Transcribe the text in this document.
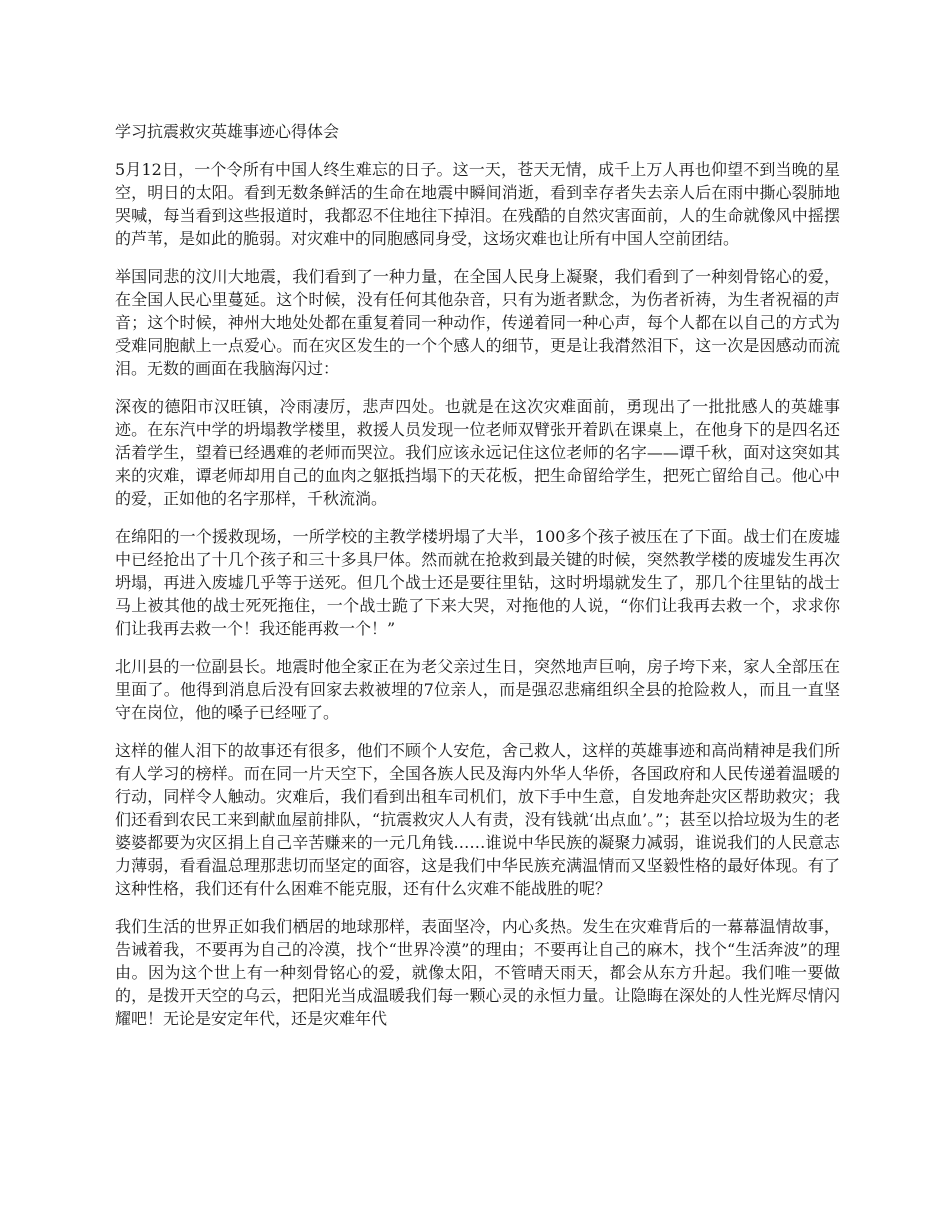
学习抗震救灾英雄事迹心得体会

5月12日，一个令所有中国人终生难忘的日子。这一天，苍天无情，成千上万人再也仰望不到当晚的星空，明日的太阳。看到无数条鲜活的生命在地震中瞬间消逝，看到幸存者失去亲人后在雨中撕心裂肺地哭喊，每当看到这些报道时，我都忍不住地往下掉泪。在残酷的自然灾害面前，人的生命就像风中摇摆的芦苇，是如此的脆弱。对灾难中的同胞感同身受，这场灾难也让所有中国人空前团结。

举国同悲的汶川大地震，我们看到了一种力量，在全国人民身上凝聚，我们看到了一种刻骨铭心的爱，在全国人民心里蔓延。这个时候，没有任何其他杂音，只有为逝者默念，为伤者祈祷，为生者祝福的声音；这个时候，神州大地处处都在重复着同一种动作，传递着同一种心声，每个人都在以自己的方式为受难同胞献上一点爱心。而在灾区发生的一个个感人的细节，更是让我潸然泪下，这一次是因感动而流泪。无数的画面在我脑海闪过：

深夜的德阳市汉旺镇，冷雨凄厉，悲声四处。也就是在这次灾难面前，勇现出了一批批感人的英雄事迹。在东汽中学的坍塌教学楼里，救援人员发现一位老师双臂张开着趴在课桌上，在他身下的是四名还活着学生，望着已经遇难的老师而哭泣。我们应该永远记住这位老师的名字——谭千秋，面对这突如其来的灾难，谭老师却用自己的血肉之躯抵挡塌下的天花板，把生命留给学生，把死亡留给自己。他心中的爱，正如他的名字那样，千秋流淌。

在绵阳的一个援救现场，一所学校的主教学楼坍塌了大半，100多个孩子被压在了下面。战士们在废墟中已经抢出了十几个孩子和三十多具尸体。然而就在抢救到最关键的时候，突然教学楼的废墟发生再次坍塌，再进入废墟几乎等于送死。但几个战士还是要往里钻，这时坍塌就发生了，那几个往里钻的战士马上被其他的战士死死拖住，一个战士跪了下来大哭，对拖他的人说，“你们让我再去救一个，求求你们让我再去救一个！我还能再救一个！”

北川县的一位副县长。地震时他全家正在为老父亲过生日，突然地声巨响，房子垮下来，家人全部压在里面了。他得到消息后没有回家去救被埋的7位亲人，而是强忍悲痛组织全县的抢险救人，而且一直坚守在岗位，他的嗓子已经哑了。

这样的催人泪下的故事还有很多，他们不顾个人安危，舍己救人，这样的英雄事迹和高尚精神是我们所有人学习的榜样。而在同一片天空下，全国各族人民及海内外华人华侨，各国政府和人民传递着温暖的行动，同样令人触动。灾难后，我们看到出租车司机们，放下手中生意，自发地奔赴灾区帮助救灾；我们还看到农民工来到献血屋前排队，“抗震救灾人人有责，没有钱就‘出点血’。”；甚至以拾垃圾为生的老婆婆都要为灾区捐上自己辛苦赚来的一元几角钱……谁说中华民族的凝聚力减弱，谁说我们的人民意志力薄弱，看看温总理那悲切而坚定的面容，这是我们中华民族充满温情而又坚毅性格的最好体现。有了这种性格，我们还有什么困难不能克服，还有什么灾难不能战胜的呢？

我们生活的世界正如我们栖居的地球那样，表面坚冷，内心炙热。发生在灾难背后的一幕幕温情故事，告诫着我，不要再为自己的冷漠，找个“世界冷漠”的理由；不要再让自己的麻木，找个“生活奔波”的理由。因为这个世上有一种刻骨铭心的爱，就像太阳，不管晴天雨天，都会从东方升起。我们唯一要做的，是拨开天空的乌云，把阳光当成温暖我们每一颗心灵的永恒力量。让隐晦在深处的人性光辉尽情闪耀吧！无论是安定年代，还是灾难年代
